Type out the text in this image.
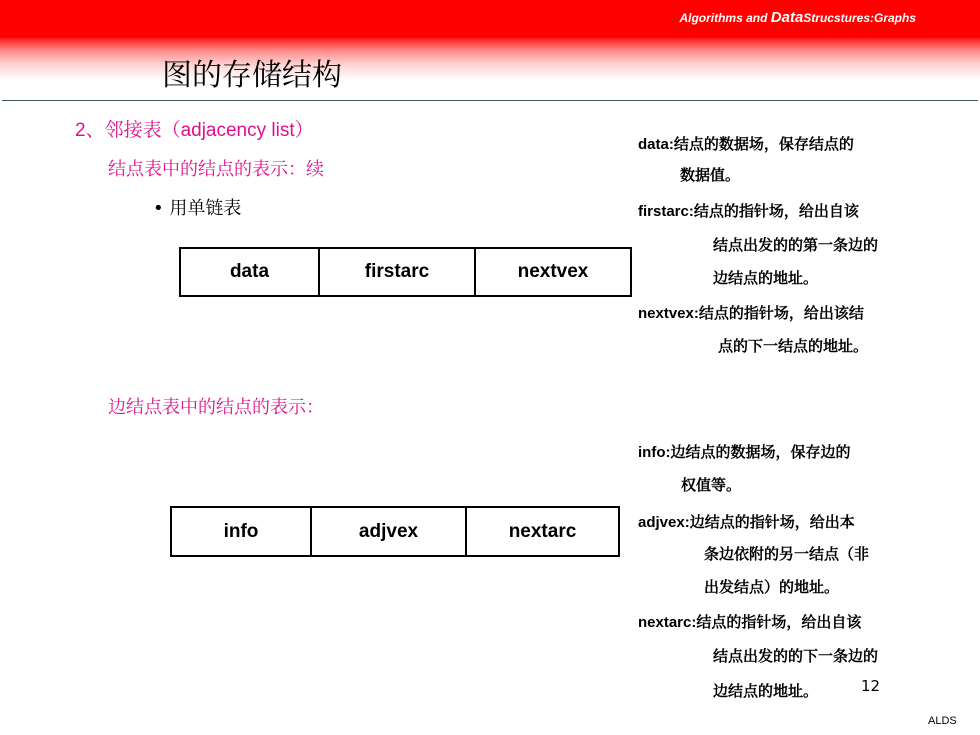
Algorithms and DataStrucstures:Graphs
图的存储结构
2、邻接表（adjacency list）
结点表中的结点的表示：续
• 用单链表
data	firstarc	nextvex
边结点表中的结点的表示：
info	adjvex	nextarc
data:结点的数据场，保存结点的
数据值。
firstarc:结点的指针场，给出自该
结点出发的的第一条边的
边结点的地址。
nextvex:结点的指针场，给出该结
点的下一结点的地址。
info:边结点的数据场，保存边的
权值等。
adjvex:边结点的指针场，给出本
条边依附的另一结点（非
出发结点）的地址。
nextarc:结点的指针场，给出自该
结点出发的的下一条边的
边结点的地址。	12
ALDS
